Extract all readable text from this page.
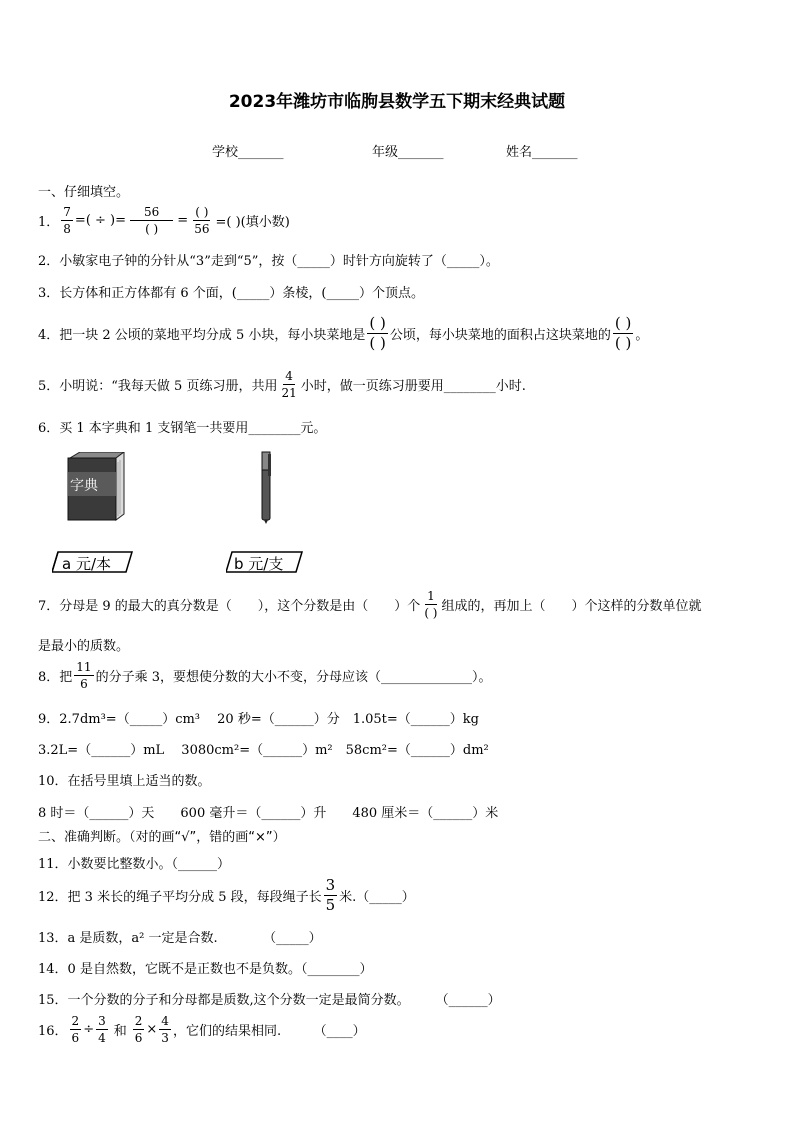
2023年潍坊市临朐县数学五下期末经典试题
学校_______	年级_______	姓名_______
一、仔细填空。
1． $\frac{7}{8}$ =( ÷ )= $\frac{56}{( )} = \frac{( )}{56}$ =( )(填小数)
2．小敏家电子钟的分针从“3”走到“5”，按（_____）时针方向旋转了（_____）。
3．长方体和正方体都有 6 个面，(_____）条棱，(_____）个顶点。
4．把一块 2 公顷的菜地平均分成 5 小块，每小块菜地是 $\frac{( )}{( )}$ 公顷，每小块菜地的面积占这块菜地的 $\frac{( )}{( )}$ 。
5．小明说：“我每天做 5 页练习册，共用 $\frac{4}{21}$ 小时，做一页练习册要用________小时.
6．买 1 本字典和 1 支钢笔一共要用________元。
字典
a 元/本	b 元/支
7．分母是 9 的最大的真分数是（　　），这个分数是由（　　）个 $\frac{1}{( )}$ 组成的，再加上（　　）个这样的分数单位就
是最小的质数。
8．把 $\frac{11}{6}$ 的分子乘 3，要想使分数的大小不变，分母应该（______________）。
9．2.7dm³=（_____）cm³　 20 秒=（______）分　1.05t=（______）kg
3.2L=（______）mL　 3080cm²=（______）m²　58cm²=（______）dm²
10．在括号里填上适当的数。
8 时＝（______）天　　600 毫升＝（______）升　　480 厘米＝（______）米
二、准确判断。（对的画“√”，错的画“×”）
11．小数要比整数小。（______）
12．把 3 米长的绳子平均分成 5 段，每段绳子长 $\frac{3}{5}$ 米.（_____）
13．a 是质数，a² 一定是合数.　　　　（_____）
14．0 是自然数，它既不是正数也不是负数。（________）
15．一个分数的分子和分母都是质数,这个分数一定是最简分数。　　　（______）
16． $\frac{2}{6} \div \frac{3}{4}$ 和 $\frac{2}{6} \times \frac{4}{3}$ ，它们的结果相同.　　　（____）
